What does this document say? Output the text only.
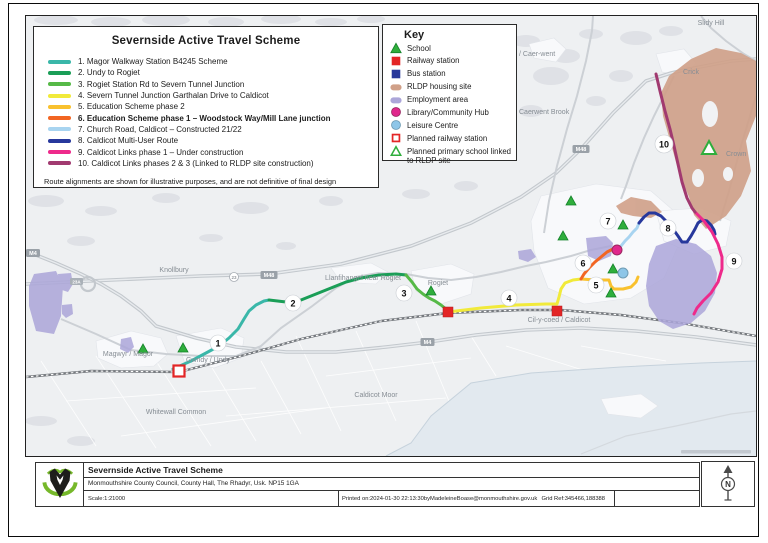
M48
M48
M4
M4
23A
23
Slidy Hill
/ Caer-went
Crick
Caerwent Brook
Crown
Knollbury
Llanfihangel near Rogiet
Rogiet
Magwyr / Magor
Gwndy / Undy
Whitewall Common
Caldicot Moor
Cil-y-coed / Caldicot
1
2
3	4
5
6
7
8
9
10
Severnside Active Travel Scheme
1. Magor Walkway Station B4245 Scheme
2. Undy to Rogiet
3. Rogiet Station Rd to Severn Tunnel Junction
4. Severn Tunnel Junction Garthalan Drive to Caldicot
5. Education Scheme phase 2
6. Education Scheme phase 1 – Woodstock Way/Mill Lane junction
7. Church Road, Caldicot – Constructed 21/22
8. Caldicot Multi-User Route
9. Caldicot Links phase 1 – Under construction
10. Caldicot Links phases 2 & 3 (Linked to RLDP site construction)
Route alignments are shown for illustrative purposes, and are not definitive of final design
Key
School
Railway station
Bus station
RLDP housing site
Employment area
Library/Community Hub
Leisure Centre
Planned railway station
Planned primary school linked to RLDP site
Severnside Active Travel Scheme
Monmouthshire County Council, County Hall, The Rhadyr, Usk. NP15 1GA
Scale:1:21000	Printed on:2024-01-30 22:13:30byMadeleineBoase@monmouthshire.gov.uk Grid Ref:345466,188388
N
